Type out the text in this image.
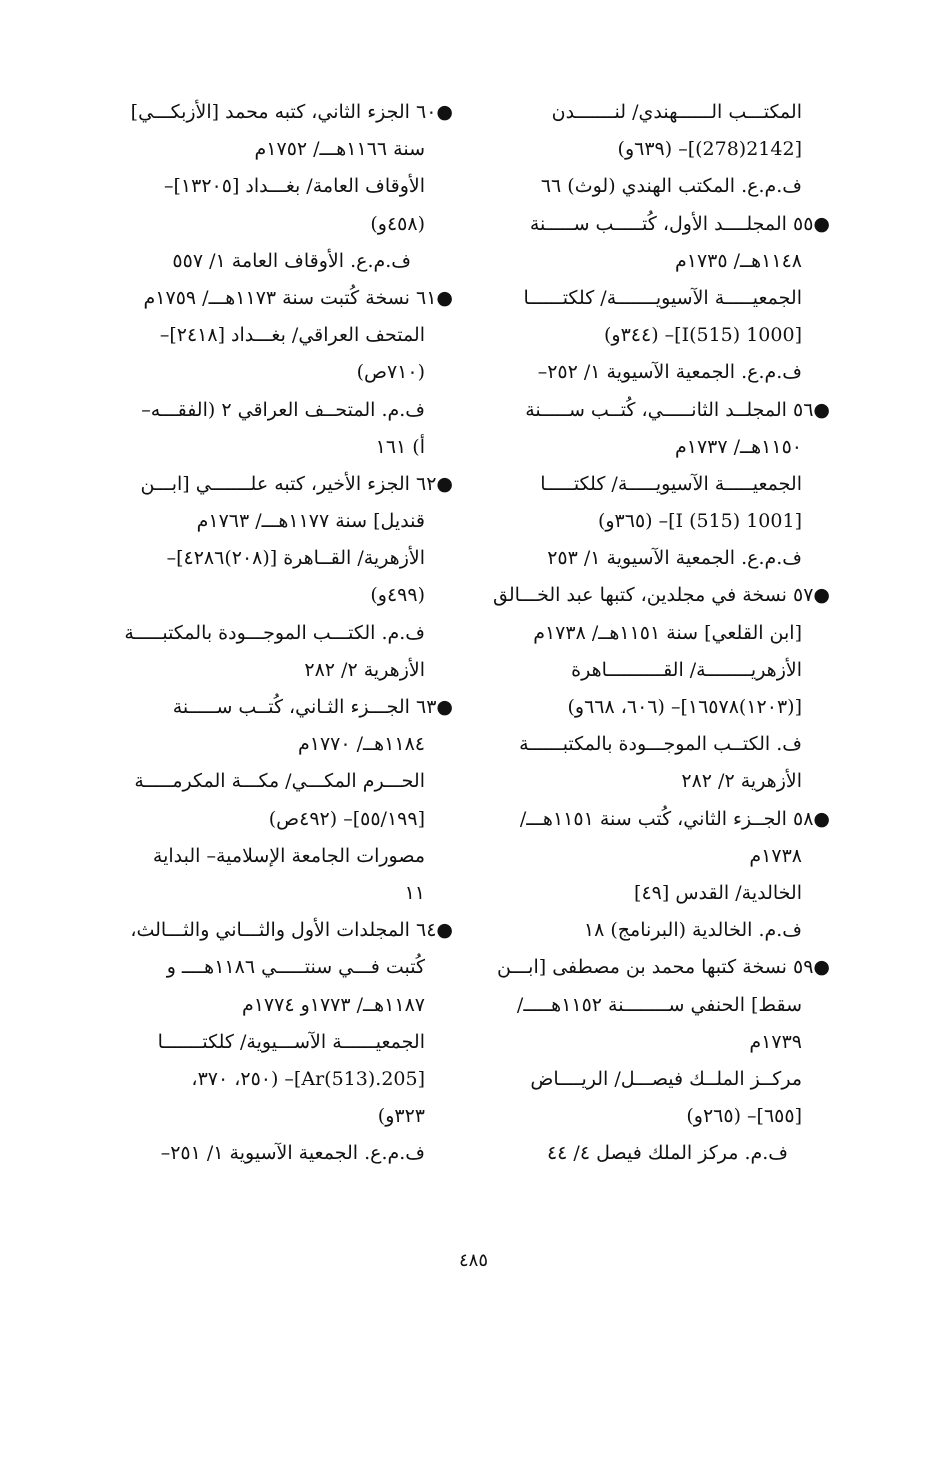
المكتـــب الــــــهندي/ لنـــــــدن
[2142(278)]– (٦٣٩و)
ف.م.ع. المكتب الهندي (لوث) ٦٦
●٥٥ المجلــــد الأول، كُتـــــب ســـــنة
١١٤٨هــ/ ١٧٣٥م
الجمعيـــــة الآسيويـــــــة/ كلكتــــــا
[1000 I(515)]– (٣٤٤و)
ف.م.ع. الجمعية الآسيوية ١/ ٢٥٢–
●٥٦ المجلــد الثانـــــي، كُتــب ســـــنة
١١٥٠هــ/ ١٧٣٧م
الجمعيـــــة الآسيويـــــة/ كلكتـــــا
[1001 I (515)]– (٣٦٥و)
ف.م.ع. الجمعية الآسيوية ١/ ٢٥٣
●٥٧ نسخة في مجلدين، كتبها عبد الخـــالق
[ابن القلعي] سنة ١١٥١هــ/ ١٧٣٨م
الأزهريــــــــة/ القــــــــــاهرة
[(١٢٠٣)١٦٥٧٨]– (٦٠٦، ٦٦٨و)
ف. الكتــب الموجـــودة بالمكتبــــــة
الأزهرية ٢/ ٢٨٢
●٥٨ الجــزء الثاني، كُتب سنة ١١٥١هـــ/
١٧٣٨م
الخالدية/ القدس [٤٩]
ف.م. الخالدية (البرنامج) ١٨
●٥٩ نسخة كتبها محمد بن مصطفى [ابـــن
سقط] الحنفي ســــــــنة ١١٥٢هـــــ/
١٧٣٩م
مركــز الملــك فيصـــل/ الريــــاض
[٦٥٥]– (٢٦٥و)
ف.م. مركز الملك فيصل ٤/ ٤٤
●٦٠ الجزء الثاني، كتبه محمد [الأزبكـــي]
سنة ١١٦٦هـــ/ ١٧٥٢م
الأوقاف العامة/ بغـــداد [١٣٢٠٥]–
(٤٥٨و)
ف.م.ع. الأوقاف العامة ١/ ٥٥٧
●٦١ نسخة كُتبت سنة ١١٧٣هـــ/ ١٧٥٩م
المتحف العراقي/ بغـــداد [٢٤١٨]–
(٧١٠ص)
ف.م. المتحــف العراقي ٢ (الفقـــه–
أ) ١٦١
●٦٢ الجزء الأخير، كتبه علـــــــي [ابـــن
قنديل] سنة ١١٧٧هـــ/ ١٧٦٣م
الأزهرية/ القــاهرة [(٢٠٨)٤٢٨٦]–
(٤٩٩و)
ف.م. الكتـــب الموجـــودة بالمكتبـــــة
الأزهرية ٢/ ٢٨٢
●٦٣ الجـــزء الثـاني، كُتــب ســـــنة
١١٨٤هــ/ ١٧٧٠م
الحـــرم المكـــي/ مكـــة المكرمـــــة
[٥٥/١٩٩]– (٤٩٢ص)
مصورات الجامعة الإسلامية– البداية
١١
●٦٤ المجلدات الأول والثـــاني والثـــالث،
كُتبت فـــي سنتـــــي ١١٨٦هــــ و
١١٨٧هــ/ ١٧٧٣و ١٧٧٤م
الجمعيــــــة الآســـيوية/ كلكتـــــــا
[205.Ar(513)]– (٢٥٠، ٣٧٠،
٣٢٣و)
ف.م.ع. الجمعية الآسيوية ١/ ٢٥١–
٤٨٥
